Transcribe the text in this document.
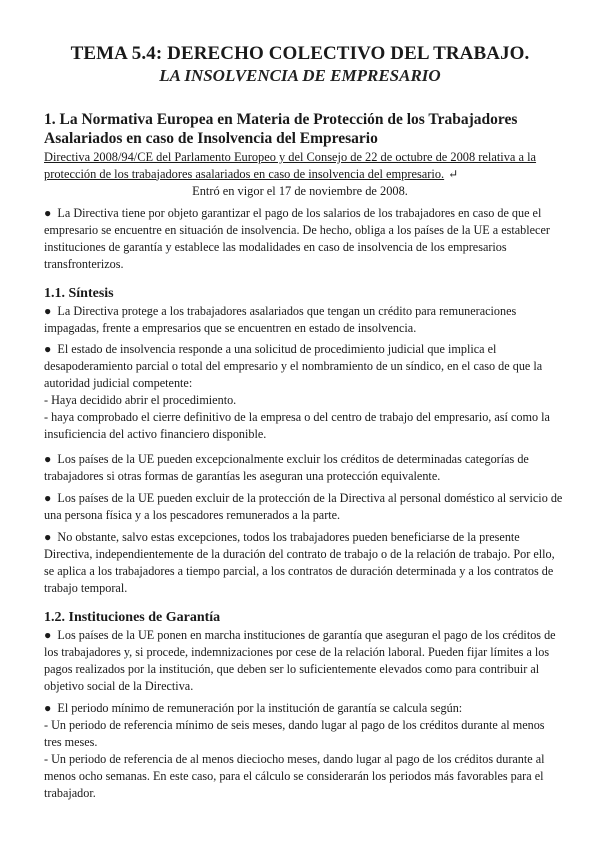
TEMA 5.4: DERECHO COLECTIVO DEL TRABAJO.
LA INSOLVENCIA DE EMPRESARIO
1. La Normativa Europea en Materia de Protección de los Trabajadores Asalariados en caso de Insolvencia del Empresario
Directiva 2008/94/CE del Parlamento Europeo y del Consejo de 22 de octubre de 2008 relativa a la protección de los trabajadores asalariados en caso de insolvencia del empresario. ↵

Entró en vigor el 17 de noviembre de 2008.

● La Directiva tiene por objeto garantizar el pago de los salarios de los trabajadores en caso de que el empresario se encuentre en situación de insolvencia. De hecho, obliga a los países de la UE a establecer instituciones de garantía y establece las modalidades en caso de insolvencia de los empresarios transfronterizos.

1.1. Síntesis

● La Directiva protege a los trabajadores asalariados que tengan un crédito para remuneraciones impagadas, frente a empresarios que se encuentren en estado de insolvencia.

● El estado de insolvencia responde a una solicitud de procedimiento judicial que implica el desapoderamiento parcial o total del empresario y el nombramiento de un síndico, en el caso de que la autoridad judicial competente:
- Haya decidido abrir el procedimiento.
- haya comprobado el cierre definitivo de la empresa o del centro de trabajo del empresario, así como la insuficiencia del activo financiero disponible.

● Los países de la UE pueden excepcionalmente excluir los créditos de determinadas categorías de trabajadores si otras formas de garantías les aseguran una protección equivalente.

● Los países de la UE pueden excluir de la protección de la Directiva al personal doméstico al servicio de una persona física y a los pescadores remunerados a la parte.

● No obstante, salvo estas excepciones, todos los trabajadores pueden beneficiarse de la presente Directiva, independientemente de la duración del contrato de trabajo o de la relación de trabajo. Por ello, se aplica a los trabajadores a tiempo parcial, a los contratos de duración determinada y a los contratos de trabajo temporal.

1.2. Instituciones de Garantía

● Los países de la UE ponen en marcha instituciones de garantía que aseguran el pago de los créditos de los trabajadores y, si procede, indemnizaciones por cese de la relación laboral. Pueden fijar límites a los pagos realizados por la institución, que deben ser lo suficientemente elevados como para contribuir al objetivo social de la Directiva.

● El periodo mínimo de remuneración por la institución de garantía se calcula según:
- Un periodo de referencia mínimo de seis meses, dando lugar al pago de los créditos durante al menos tres meses.
- Un periodo de referencia de al menos dieciocho meses, dando lugar al pago de los créditos durante al menos ocho semanas. En este caso, para el cálculo se considerarán los periodos más favorables para el trabajador.
